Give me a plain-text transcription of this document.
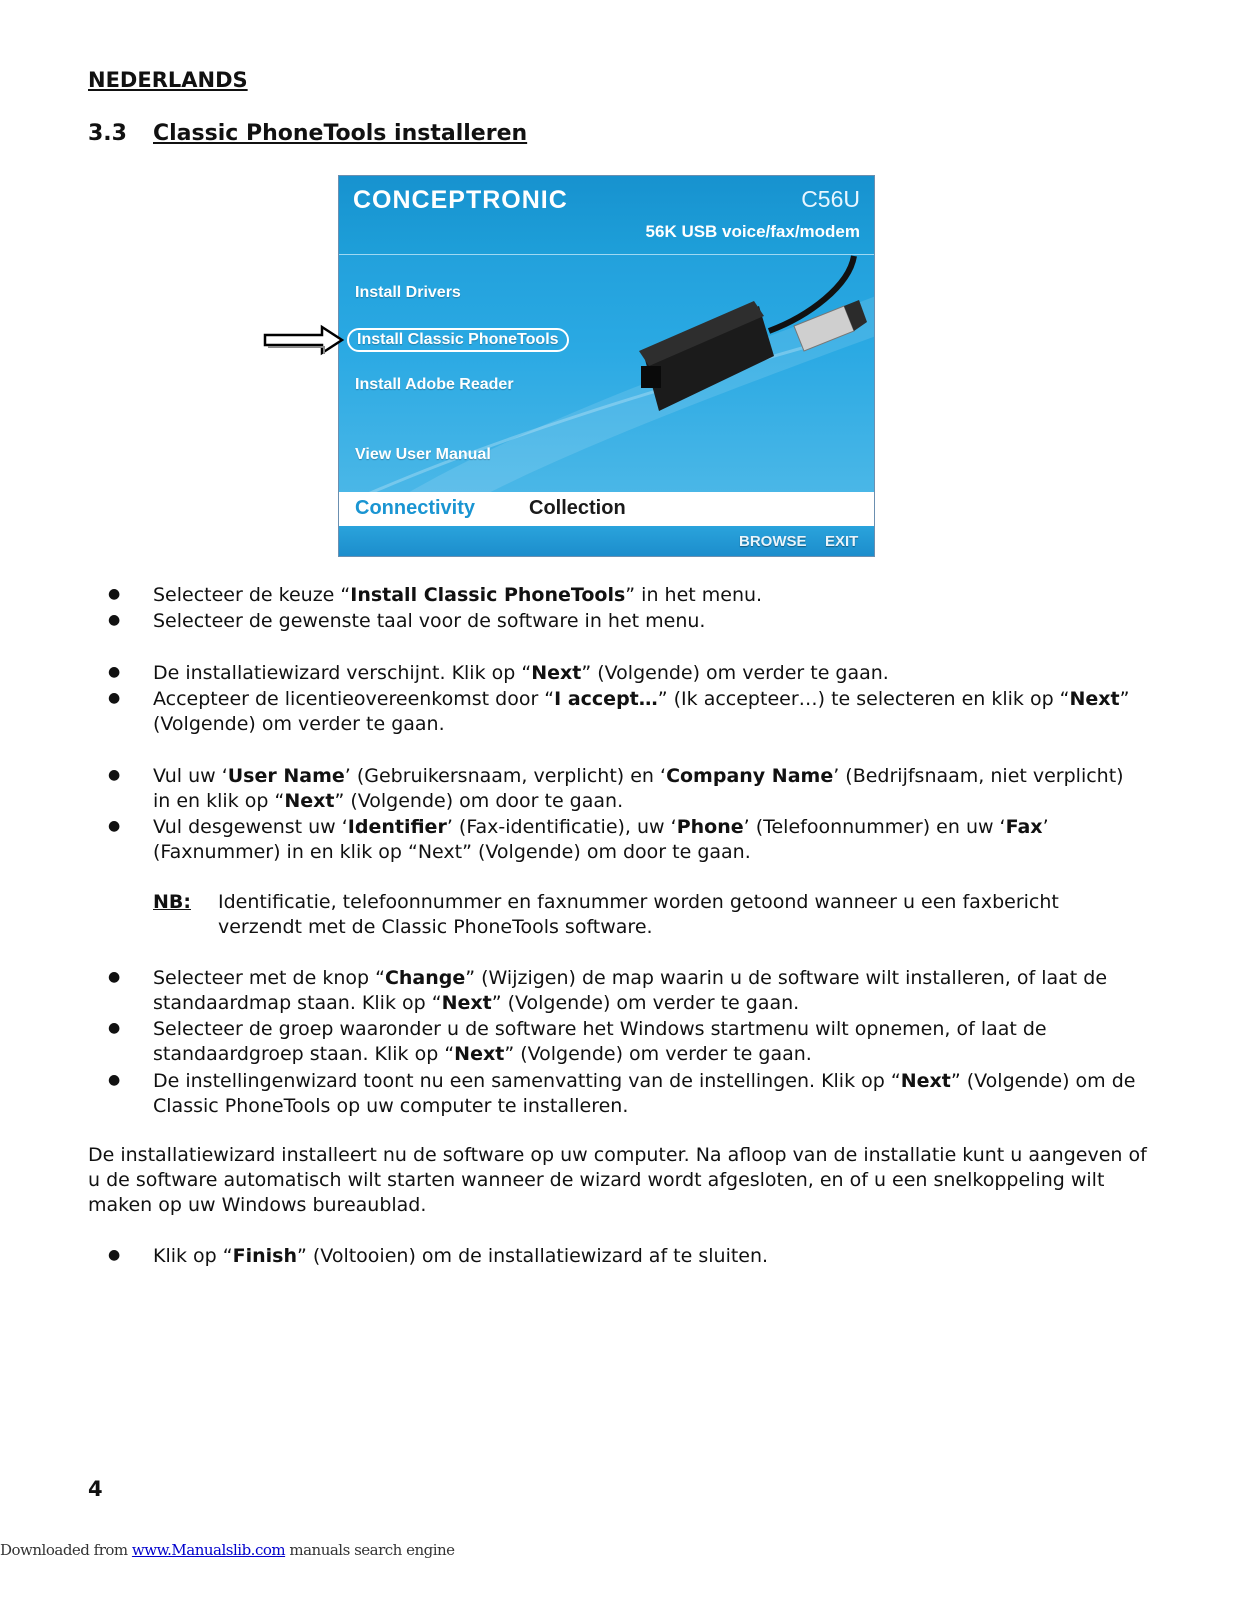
NEDERLANDS
3.3 Classic PhoneTools installeren
CONCEPTRONIC	C56U
56K USB voice/fax/modem
Install Drivers
Install Classic PhoneTools
Install Adobe Reader
View User Manual
Connectivity	Collection
BROWSE EXIT
● Selecteer de keuze “Install Classic PhoneTools” in het menu.
● Selecteer de gewenste taal voor de software in het menu.
● De installatiewizard verschijnt. Klik op “Next” (Volgende) om verder te gaan.
● Accepteer de licentieovereenkomst door “I accept…” (Ik accepteer…) te selecteren en klik op “Next” (Volgende) om verder te gaan.
● Vul uw ‘User Name’ (Gebruikersnaam, verplicht) en ‘Company Name’ (Bedrijfsnaam, niet verplicht) in en klik op “Next” (Volgende) om door te gaan.
● Vul desgewenst uw ‘Identifier’ (Fax-identificatie), uw ‘Phone’ (Telefoonnummer) en uw ‘Fax’ (Faxnummer) in en klik op “Next” (Volgende) om door te gaan.
NB: Identificatie, telefoonnummer en faxnummer worden getoond wanneer u een faxbericht verzendt met de Classic PhoneTools software.
● Selecteer met de knop “Change” (Wijzigen) de map waarin u de software wilt installeren, of laat de standaardmap staan. Klik op “Next” (Volgende) om verder te gaan.
● Selecteer de groep waaronder u de software het Windows startmenu wilt opnemen, of laat de standaardgroep staan. Klik op “Next” (Volgende) om verder te gaan.
● De instellingenwizard toont nu een samenvatting van de instellingen. Klik op “Next” (Volgende) om de Classic PhoneTools op uw computer te installeren.
De installatiewizard installeert nu de software op uw computer. Na afloop van de installatie kunt u aangeven of u de software automatisch wilt starten wanneer de wizard wordt afgesloten, en of u een snelkoppeling wilt maken op uw Windows bureaublad.
● Klik op “Finish” (Voltooien) om de installatiewizard af te sluiten.
4
Downloaded from www.Manualslib.com manuals search engine
